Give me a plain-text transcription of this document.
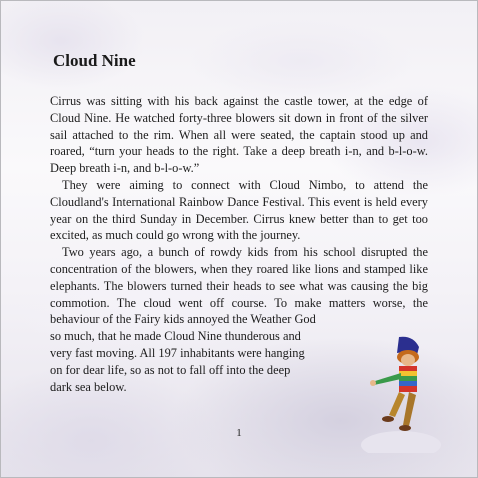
Cloud Nine

Cirrus was sitting with his back against the castle tower, at the edge of Cloud Nine. He watched forty-three blowers sit down in front of the silver sail attached to the rim. When all were seated, the captain stood up and roared, “turn your heads to the right. Take a deep breath i-n, and b-l-o-w. Deep breath i-n, and b-l-o-w.”

They were aiming to connect with Cloud Nimbo, to attend the Cloudland's International Rainbow Dance Festival. This event is held every year on the third Sunday in December. Cirrus knew better than to get too excited, as much could go wrong with the journey.

Two years ago, a bunch of rowdy kids from his school disrupted the concentration of the blowers, when they roared like lions and stamped like elephants. The blowers turned their heads to see what was causing the big commotion. The cloud went off course. To make matters worse, the behaviour of the Fairy kids annoyed the Weather God

so much, that he made Cloud Nine thunderous and
very fast moving. All 197 inhabitants were hanging
on for dear life, so as not to fall off into the deep
dark sea below.
1
